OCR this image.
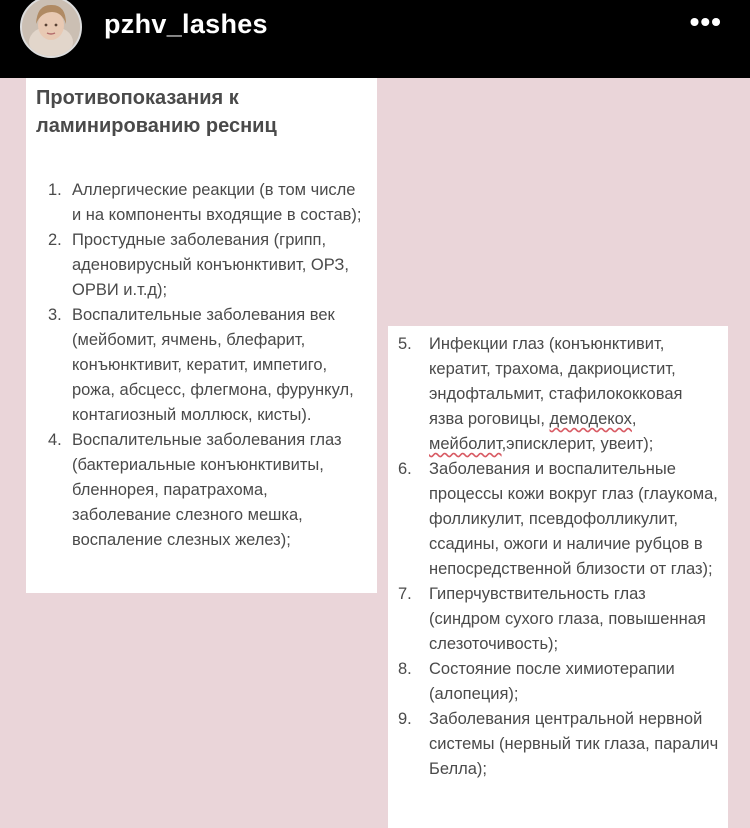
pzhv_lashes	•••
Противопоказания к
ламинированию ресниц
1. Аллергические реакции (в том числе и на компоненты входящие в состав);
2. Простудные заболевания (грипп, аденовирусный конъюнктивит, ОРЗ, ОРВИ и.т.д);
3. Воспалительные заболевания век (мейбомит, ячмень, блефарит, конъюнктивит, кератит, импетиго, рожа, абсцесс, флегмона, фурункул, контагиозный моллюск, кисты).
4. Воспалительные заболевания глаз (бактериальные конъюнктивиты, бленнорея, паратрахома, заболевание слезного мешка, воспаление слезных желез);
5.	Инфекции глаз (конъюнктивит, кератит, трахома, дакриоцистит, эндофтальмит, стафилококковая язва роговицы, демодекох, мейболит,эписклерит, увеит);
6.	Заболевания и воспалительные процессы кожи вокруг глаз (глаукома, фолликулит, псевдофолликулит, ссадины, ожоги и наличие рубцов в непосредственной близости от глаз);
7.	Гиперчувствительность глаз (синдром сухого глаза, повышенная слезоточивость);
8.	Состояние после химиотерапии (алопеция);
9.	Заболевания центральной нервной системы (нервный тик глаза, паралич Белла);
